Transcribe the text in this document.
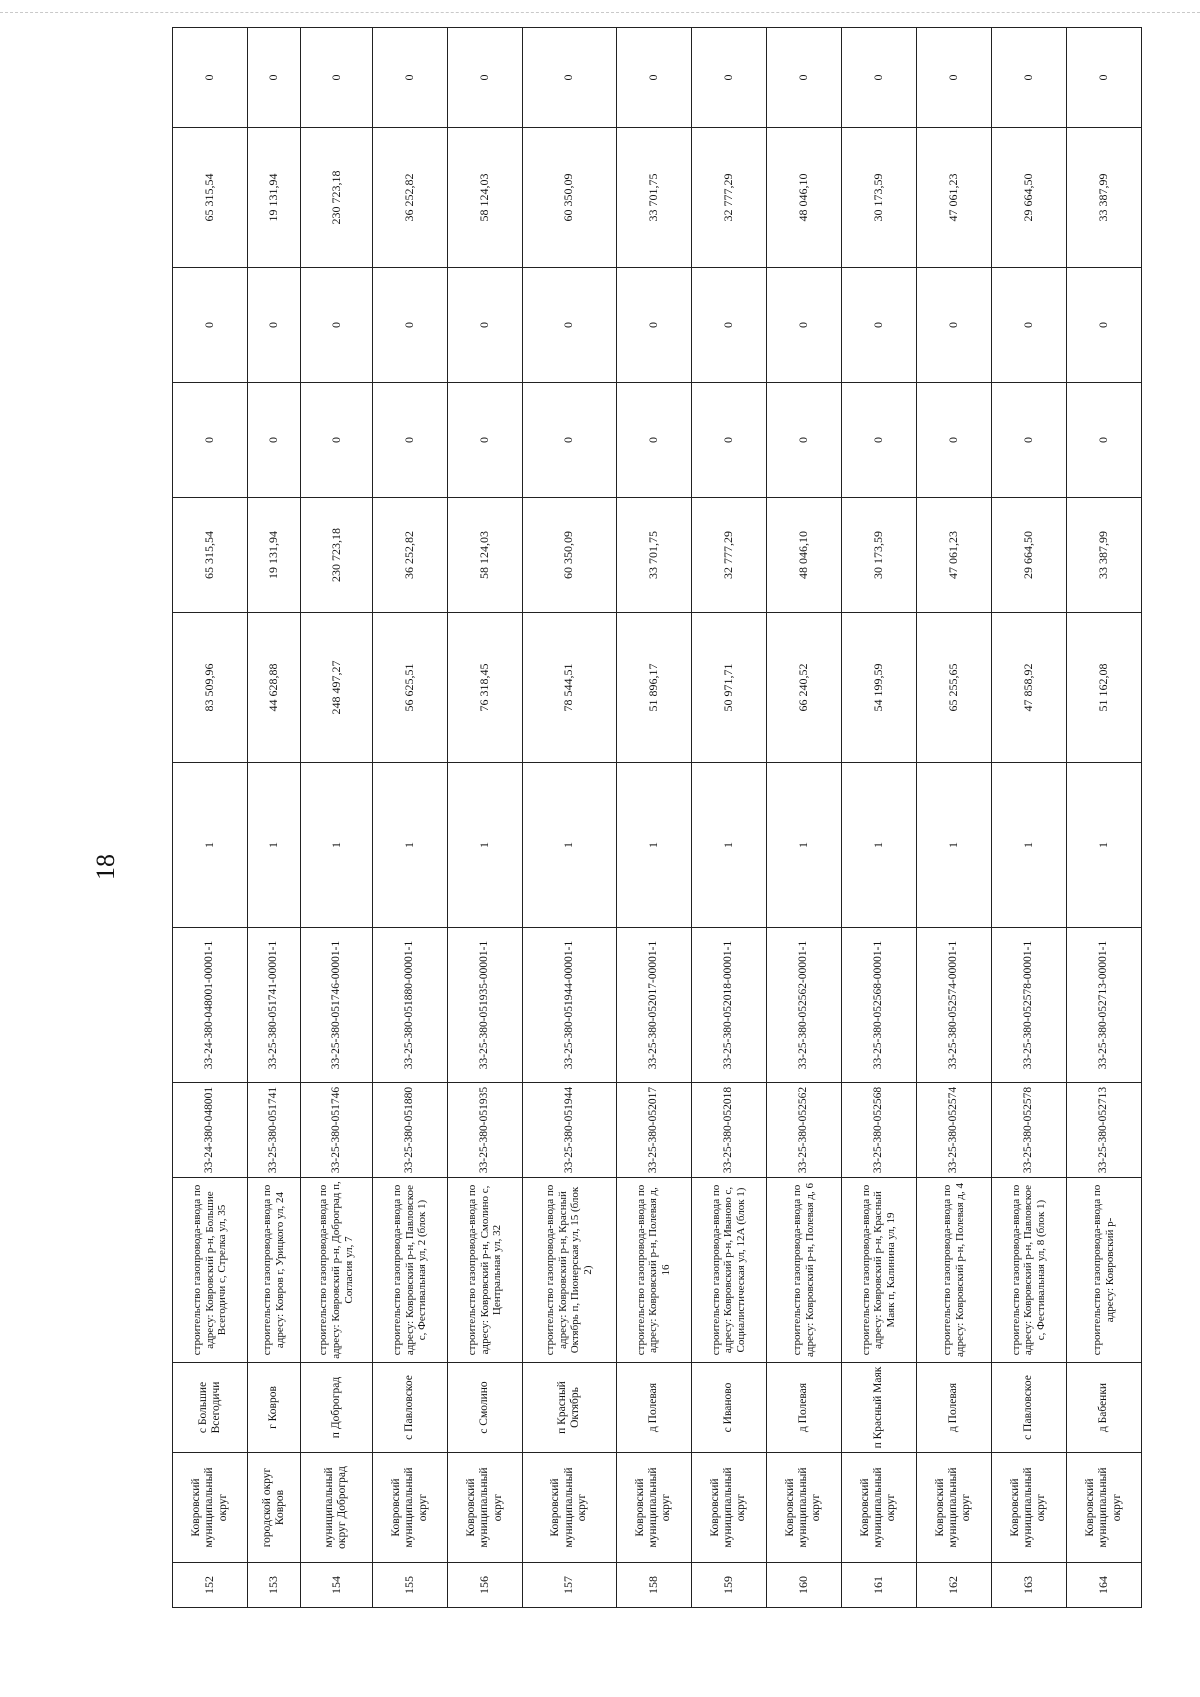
18
152	Ковровский муниципальный округ	с Большие Всегодичи	строительство газопровода-ввода по адресу: Ковровский р-н, Большие Всегодичи с, Стрелка ул, 35	33-24-380-048001	33-24-380-048001-00001-1	1	83 509,96	65 315,54	0	0	65 315,54	0
153	городской округ Ковров	г Ковров	строительство газопровода-ввода по адресу: Ковров г, Урицкого ул, 24	33-25-380-051741	33-25-380-051741-00001-1	1	44 628,88	19 131,94	0	0	19 131,94	0
154	муниципальный округ Доброград	п Доброград	строительство газопровода-ввода по адресу: Ковровский р-н, Доброград п, Согласия ул, 7	33-25-380-051746	33-25-380-051746-00001-1	1	248 497,27	230 723,18	0	0	230 723,18	0
155	Ковровский муниципальный округ	с Павловское	строительство газопровода-ввода по адресу: Ковровский р-н, Павловское с, Фестивальная ул, 2 (блок 1)	33-25-380-051880	33-25-380-051880-00001-1	1	56 625,51	36 252,82	0	0	36 252,82	0
156	Ковровский муниципальный округ	с Смолино	строительство газопровода-ввода по адресу: Ковровский р-н, Смолино с, Центральная ул, 32	33-25-380-051935	33-25-380-051935-00001-1	1	76 318,45	58 124,03	0	0	58 124,03	0
157	Ковровский муниципальный округ	п Красный Октябрь	строительство газопровода-ввода по адресу: Ковровский р-н, Красный Октябрь п, Пионерская ул, 15 (блок 2)	33-25-380-051944	33-25-380-051944-00001-1	1	78 544,51	60 350,09	0	0	60 350,09	0
158	Ковровский муниципальный округ	д Полевая	строительство газопровода-ввода по адресу: Ковровский р-н, Полевая д, 16	33-25-380-052017	33-25-380-052017-00001-1	1	51 896,17	33 701,75	0	0	33 701,75	0
159	Ковровский муниципальный округ	с Иваново	строительство газопровода-ввода по адресу: Ковровский р-н, Иваново с, Социалистическая ул, 12А (блок 1)	33-25-380-052018	33-25-380-052018-00001-1	1	50 971,71	32 777,29	0	0	32 777,29	0
160	Ковровский муниципальный округ	д Полевая	строительство газопровода-ввода по адресу: Ковровский р-н, Полевая д, 6	33-25-380-052562	33-25-380-052562-00001-1	1	66 240,52	48 046,10	0	0	48 046,10	0
161	Ковровский муниципальный округ	п Красный Маяк	строительство газопровода-ввода по адресу: Ковровский р-н, Красный Маяк п, Калинина ул, 19	33-25-380-052568	33-25-380-052568-00001-1	1	54 199,59	30 173,59	0	0	30 173,59	0
162	Ковровский муниципальный округ	д Полевая	строительство газопровода-ввода по адресу: Ковровский р-н, Полевая д, 4	33-25-380-052574	33-25-380-052574-00001-1	1	65 255,65	47 061,23	0	0	47 061,23	0
163	Ковровский муниципальный округ	с Павловское	строительство газопровода-ввода по адресу: Ковровский р-н, Павловское с, Фестивальная ул, 8 (блок 1)	33-25-380-052578	33-25-380-052578-00001-1	1	47 858,92	29 664,50	0	0	29 664,50	0
164	Ковровский муниципальный округ	д Бабенки	строительство газопровода-ввода по адресу: Ковровский р-	33-25-380-052713	33-25-380-052713-00001-1	1	51 162,08	33 387,99	0	0	33 387,99	0
